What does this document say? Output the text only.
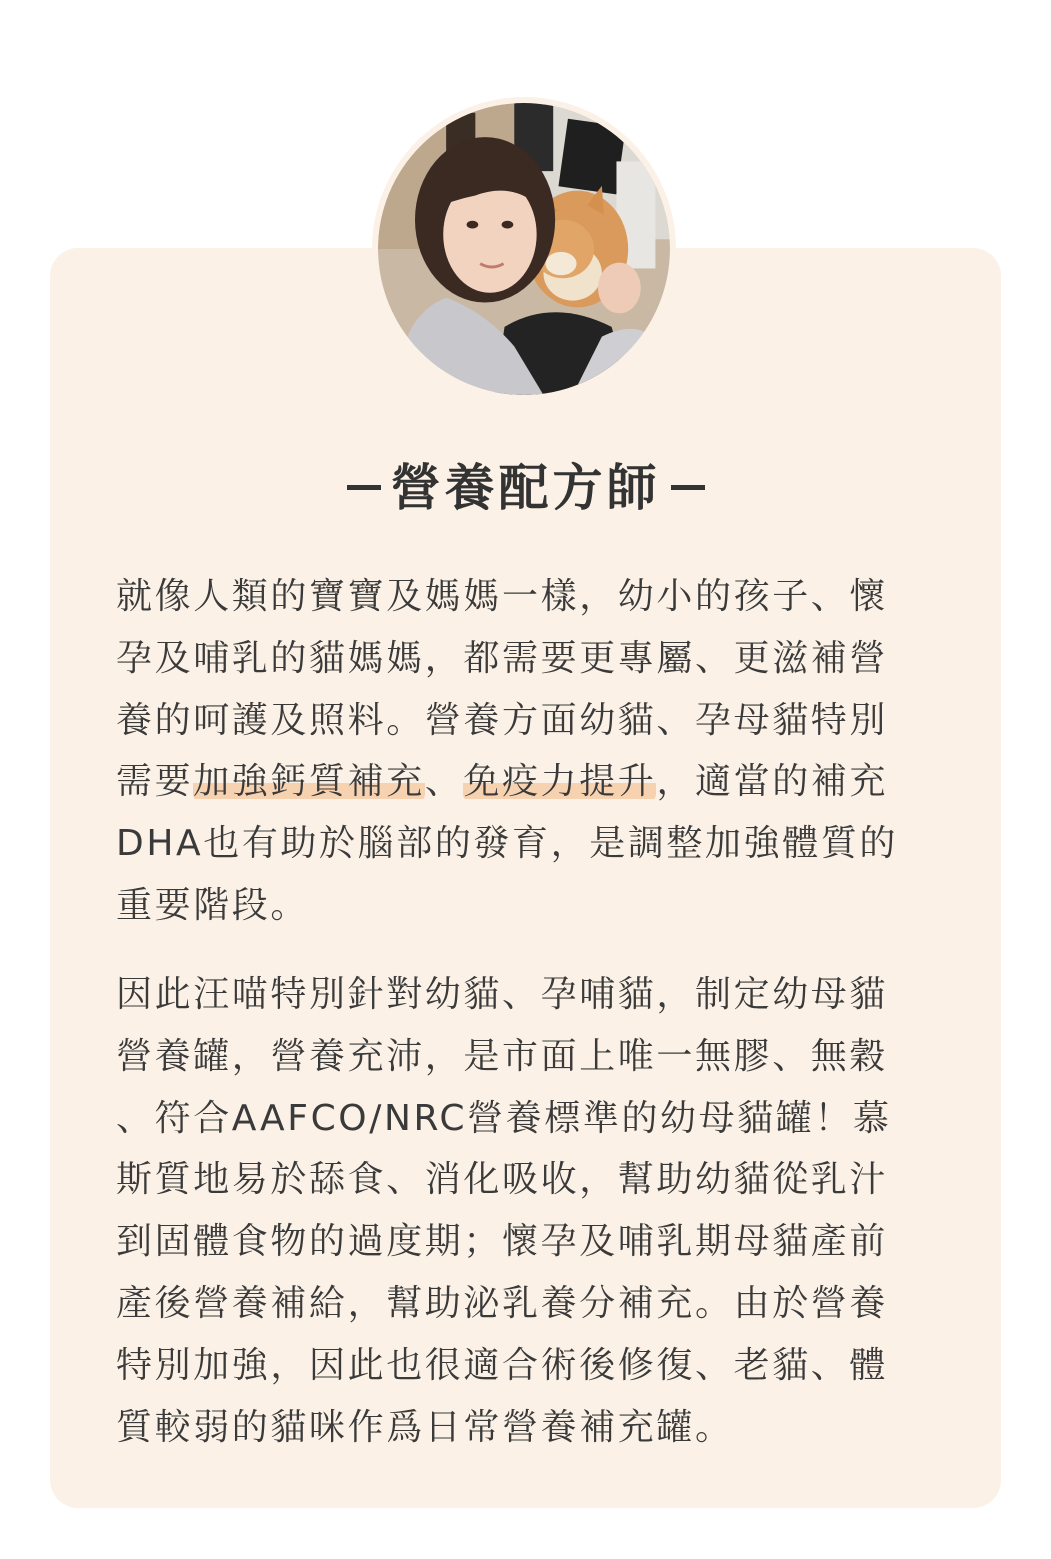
營養配方師
就像人類的寶寶及媽媽一樣，幼小的孩子、懷
孕及哺乳的貓媽媽，都需要更專屬、更滋補營
養的呵護及照料。營養方面幼貓、孕母貓特別
需要加強鈣質補充、免疫力提升，適當的補充
DHA也有助於腦部的發育，是調整加強體質的
重要階段。
因此汪喵特別針對幼貓、孕哺貓，制定幼母貓
營養罐，營養充沛，是市面上唯一無膠、無穀
、符合AAFCO/NRC營養標準的幼母貓罐！慕
斯質地易於舔食、消化吸收，幫助幼貓從乳汁
到固體食物的過度期；懷孕及哺乳期母貓產前
產後營養補給，幫助泌乳養分補充。由於營養
特別加強，因此也很適合術後修復、老貓、體
質較弱的貓咪作爲日常營養補充罐。
